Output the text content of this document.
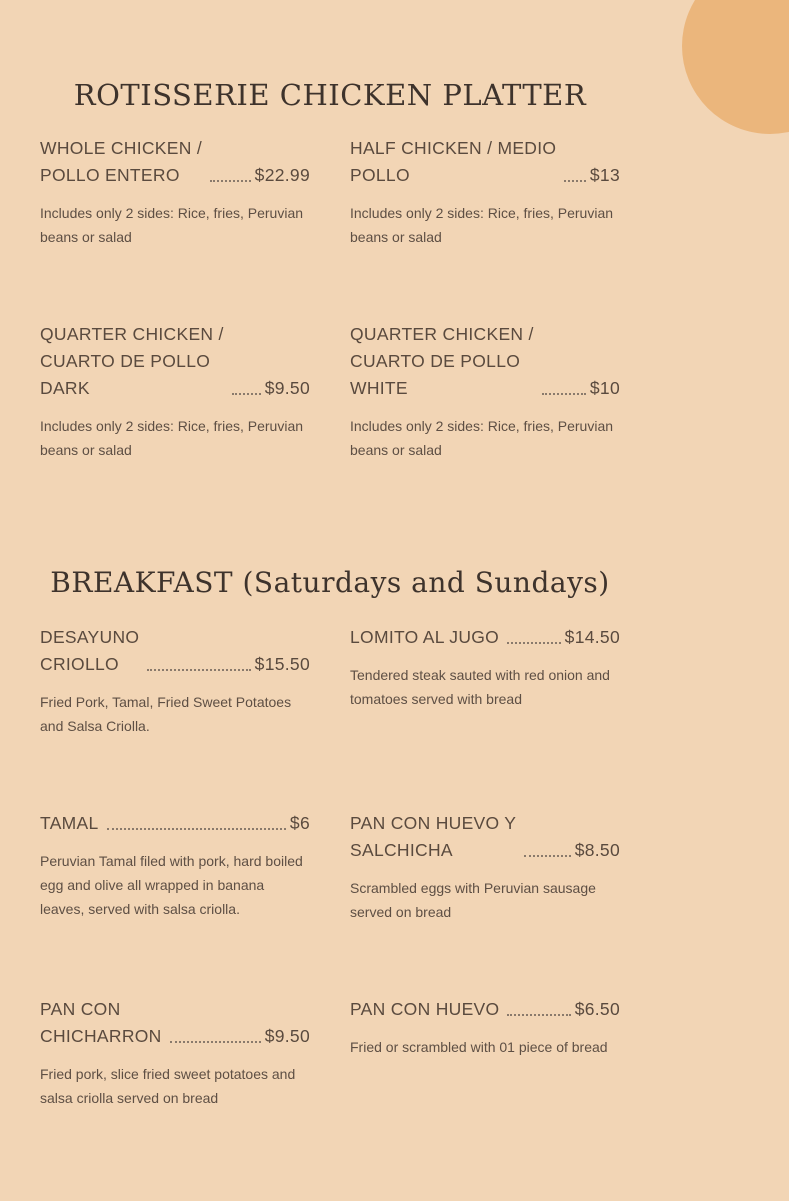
ROTISSERIE CHICKEN PLATTER
WHOLE CHICKEN /
POLLO ENTERO	$22.99
Includes only 2 sides: Rice, fries, Peruvian beans or salad
HALF CHICKEN / MEDIO
POLLO	$13
Includes only 2 sides: Rice, fries, Peruvian beans or salad
QUARTER CHICKEN /
CUARTO DE POLLO
DARK	$9.50
Includes only 2 sides: Rice, fries, Peruvian beans or salad
QUARTER CHICKEN /
CUARTO DE POLLO
WHITE	$10
Includes only 2 sides: Rice, fries, Peruvian beans or salad
BREAKFAST (Saturdays and Sundays)
DESAYUNO
CRIOLLO	$15.50
Fried Pork, Tamal, Fried Sweet Potatoes and Salsa Criolla.
LOMITO AL JUGO	$14.50
Tendered steak sauted with red onion and tomatoes served with bread
TAMAL	$6
Peruvian Tamal filed with pork, hard boiled egg and olive all wrapped in banana leaves, served with salsa criolla.
PAN CON HUEVO Y
SALCHICHA	$8.50
Scrambled eggs with Peruvian sausage served on bread
PAN CON
CHICHARRON	$9.50
Fried pork, slice fried sweet potatoes and salsa criolla served on bread
PAN CON HUEVO	$6.50
Fried or scrambled with 01 piece of bread
